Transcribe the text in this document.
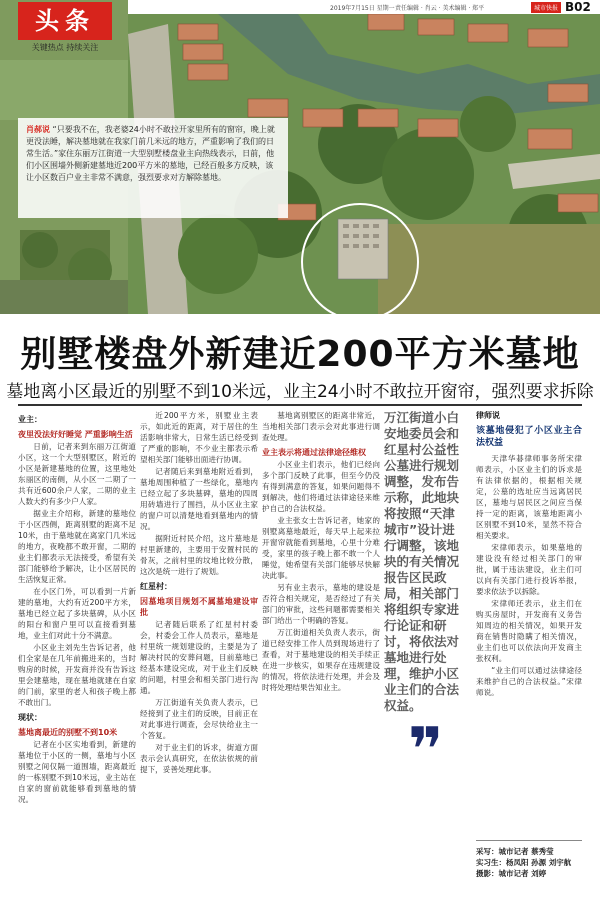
头条
关键热点 持续关注
2019年7月15日 星期一 责任编辑 · 肖云 · 美术编辑 · 郑平	城市快报 B02
肖郝说 “只要我不在，我老婆24小时不敢拉开家里所有的窗帘，晚上就更没法睡，解决墓地就在我家门前几米远的地方，严重影响了我们的日常生活。”家住东丽万江街道一大型别墅楼盘业主向热线表示，日前，他们小区围墙外侧新建墓地近200平方米的墓地，已经百般多方反映，该让小区数百户业主非常不满意，强烈要求对方解除墓地。
别墅楼盘外新建近200平方米墓地
墓地离小区最近的别墅不到10米远，业主24小时不敢拉开窗帘，强烈要求拆除

业主：

夜里没法好好睡觉 严重影响生活

日前，记者来到东丽万江街道小区，这一个大型别墅区，附近的小区是新建墓地的位置，这里地处东丽区的南侧，从小区一二期了一共有近600余户人家，二期的业主人数大约有多少户人家。

据业主介绍称，新建的墓地位于小区西侧，距离别墅的距离不足10米，由于墓地就在离家门几米远的地方，夜晚都不敢开窗，二期的业主们都表示无法接受，希望有关部门能够给予解决，让小区居民的生活恢复正常。

在小区门外，可以看到一片新建的墓地，大约有近200平方米，墓地已经立起了多块墓碑，从小区的阳台和窗户里可以直接看到墓地，业主们对此十分不满意。

小区业主刘先生告诉记者，他们全家是在几年前搬进来的，当时购房的时候，开发商并没有告诉这里会建墓地，现在墓地就建在自家的门前，家里的老人和孩子晚上都不敢出门。

现状：

墓地离最近的别墅不到10米

记者在小区实地看到，新建的墓地位于小区的一侧，墓地与小区别墅之间仅隔一道围墙，距离最近的一栋别墅不到10米远，业主站在自家的窗前就能够看到墓地的情况。

近200平方米，别墅业主表示，如此近的距离，对于居住的生活影响非常大，日常生活已经受到了严重的影响，不少业主都表示希望相关部门能够出面进行协调。

记者随后来到墓地附近看到，墓地周围种植了一些绿化，墓地内已经立起了多块墓碑，墓地的四周用砖墙进行了围挡，从小区业主家的窗户可以清楚地看到墓地内的情况。

据附近村民介绍，这片墓地是村里新建的，主要用于安置村民的骨灰，之前村里的坟地比较分散，这次是统一进行了规划。

红星村：

因墓地项目规划不属墓地建设审批

记者随后联系了红星村村委会，村委会工作人员表示，墓地是村里统一规划建设的，主要是为了解决村民的安葬问题，目前墓地已经基本建设完成，对于业主们反映的问题，村里会和相关部门进行沟通。

万江街道有关负责人表示，已经接到了业主们的反映，目前正在对此事进行调查，会尽快给业主一个答复。

对于业主们的诉求，街道方面表示会认真研究，在依法依规的前提下，妥善处理此事。

墓地离别墅区的距离非常近，当地相关部门表示会对此事进行调查处理。

业主表示将通过法律途径维权

小区业主们表示，他们已经向多个部门反映了此事，但至今仍没有得到满意的答复，如果问题得不到解决，他们将通过法律途径来维护自己的合法权益。

业主张女士告诉记者，她家的别墅离墓地最近，每天早上起来拉开窗帘就能看到墓地，心里十分难受，家里的孩子晚上都不敢一个人睡觉，她希望有关部门能够尽快解决此事。

另有业主表示，墓地的建设是否符合相关规定，是否经过了有关部门的审批，这些问题都需要相关部门给出一个明确的答复。

万江街道相关负责人表示，街道已经安排工作人员到现场进行了查看，对于墓地建设的相关手续正在进一步核实，如果存在违规建设的情况，将依法进行处理，并会及时将处理结果告知业主。

万江街道小白安地委员会和红星村公益性公墓进行规划调整，发布告示称，此地块将按照“天津城市”设计进行调整，该地块的有关情况报告区民政局，相关部门将组织专家进行论证和研讨，将依法对墓地进行处理，维护小区业主们的合法权益。
❞
律师说
该墓地侵犯了小区业主合法权益

天津华碁律师事务所宋律师表示，小区业主们的诉求是有法律依据的，根据相关规定，公墓的选址应当远离居民区，墓地与居民区之间应当保持一定的距离，该墓地距离小区别墅不到10米，显然不符合相关要求。

宋律师表示，如果墓地的建设没有经过相关部门的审批，属于违法建设，业主们可以向有关部门进行投诉举报，要求依法予以拆除。

宋律师还表示，业主们在购买房屋时，开发商有义务告知周边的相关情况，如果开发商在销售时隐瞒了相关情况，业主们也可以依法向开发商主张权利。

“业主们可以通过法律途径来维护自己的合法权益。”宋律师说。

采写：城市记者 蔡秀莹
实习生：杨凤阳 孙源 刘宇航
摄影：城市记者 刘婷
